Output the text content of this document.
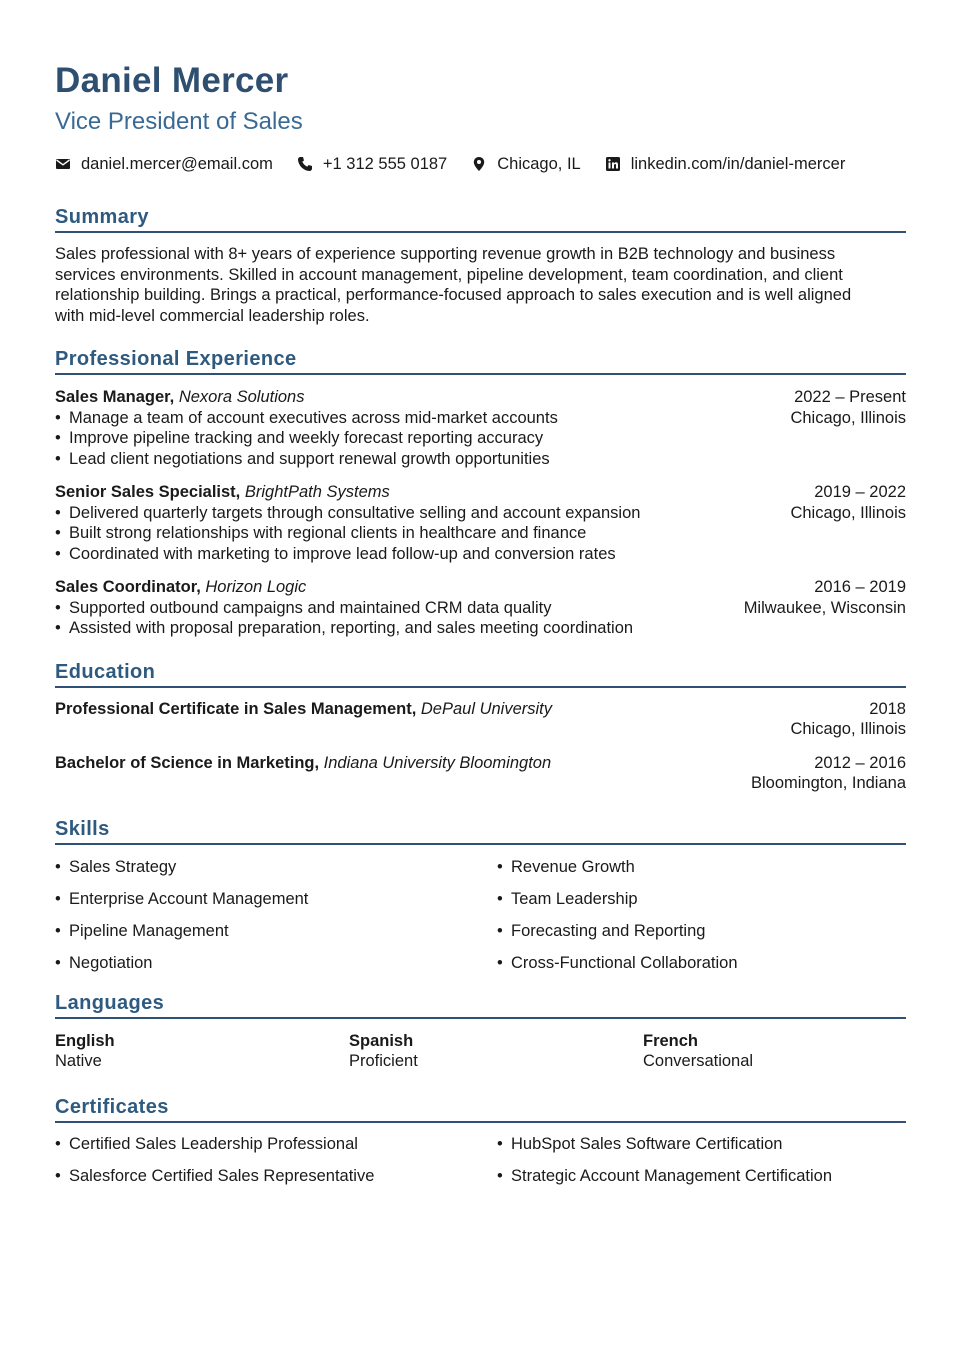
Daniel Mercer
Vice President of Sales
daniel.mercer@email.com	+1 312 555 0187	Chicago, IL	linkedin.com/in/daniel-mercer
Summary
Sales professional with 8+ years of experience supporting revenue growth in B2B technology and business services environments. Skilled in account management, pipeline development, team coordination, and client relationship building. Brings a practical, performance-focused approach to sales execution and is well aligned with mid-level commercial leadership roles.
Professional Experience
Sales Manager, Nexora Solutions
• Manage a team of account executives across mid-market accounts
• Improve pipeline tracking and weekly forecast reporting accuracy
• Lead client negotiations and support renewal growth opportunities
2022 – Present
Chicago, Illinois
Senior Sales Specialist, BrightPath Systems
• Delivered quarterly targets through consultative selling and account expansion
• Built strong relationships with regional clients in healthcare and finance
• Coordinated with marketing to improve lead follow-up and conversion rates
2019 – 2022
Chicago, Illinois
Sales Coordinator, Horizon Logic
• Supported outbound campaigns and maintained CRM data quality
• Assisted with proposal preparation, reporting, and sales meeting coordination
2016 – 2019
Milwaukee, Wisconsin
Education
Professional Certificate in Sales Management, DePaul University	2018
Chicago, Illinois
Bachelor of Science in Marketing, Indiana University Bloomington	2012 – 2016
Bloomington, Indiana
Skills
• Sales Strategy	• Revenue Growth
• Enterprise Account Management	• Team Leadership
• Pipeline Management	• Forecasting and Reporting
• Negotiation	• Cross-Functional Collaboration
Languages
English
Native
Spanish
Proficient
French
Conversational
Certificates
• Certified Sales Leadership Professional	• HubSpot Sales Software Certification
• Salesforce Certified Sales Representative	• Strategic Account Management Certification
